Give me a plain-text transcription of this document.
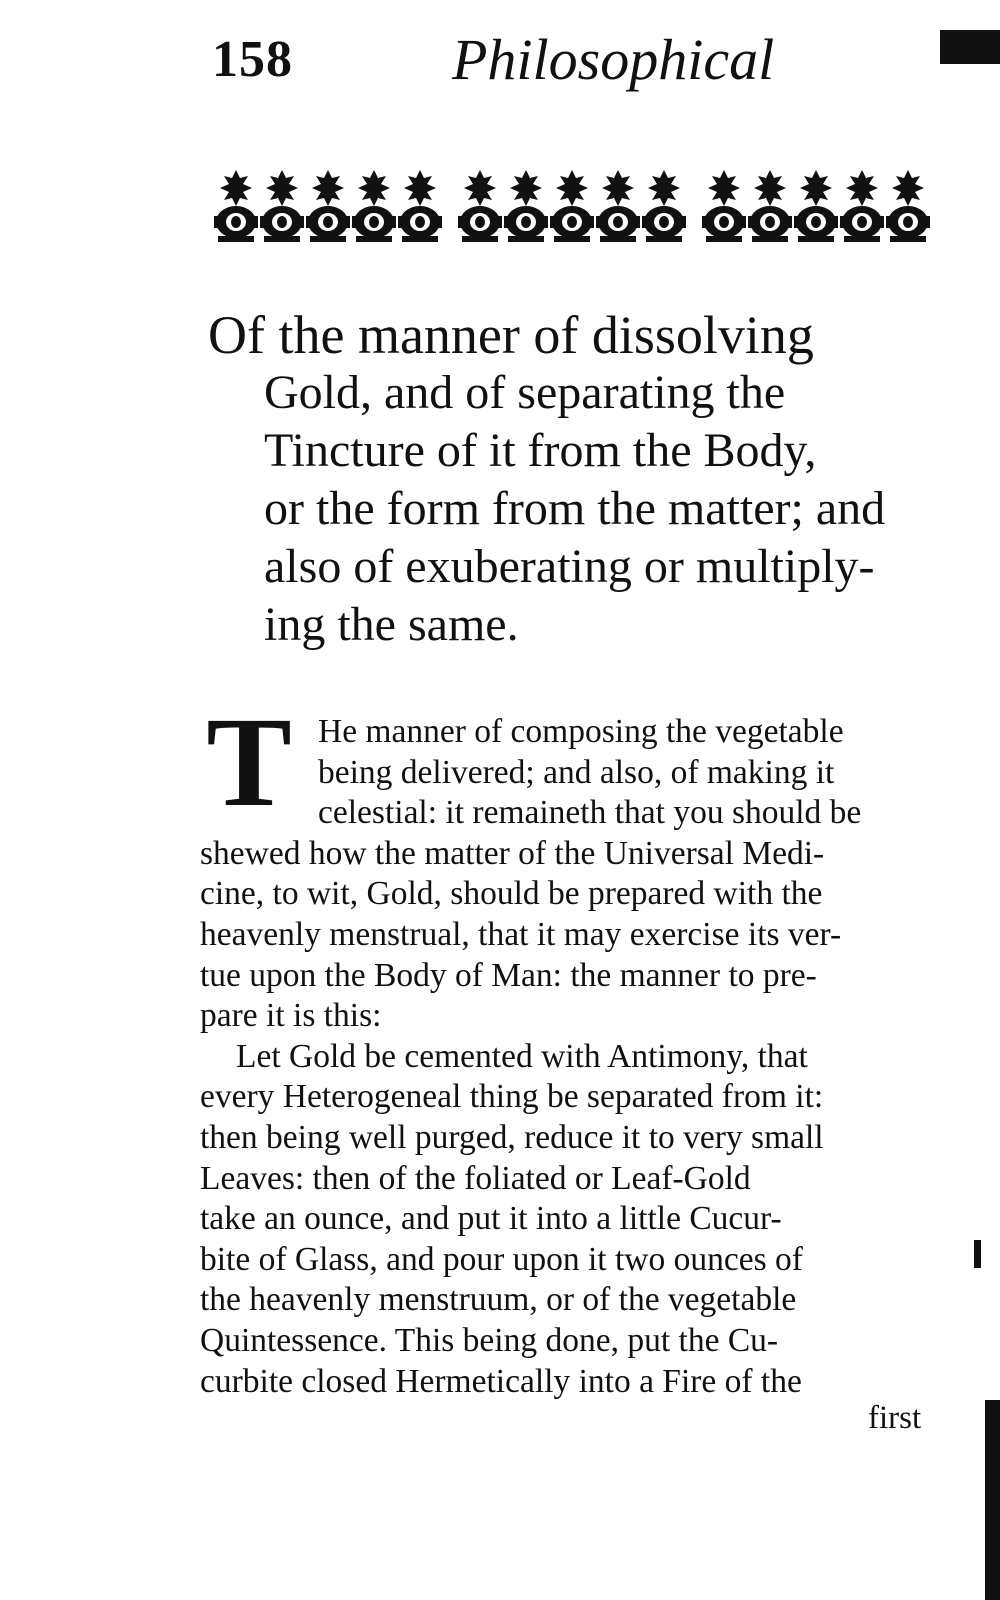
158	Philosophical
Of the manner of dissolving
Gold, and of separating the
Tincture of it from the Body,
or the form from the matter; and
also of exuberating or multiply-
ing the same.
T He manner of composing the vegetable
being delivered; and also, of making it
celestial: it remaineth that you should be
shewed how the matter of the Universal Medi-
cine, to wit, Gold, should be prepared with the
heavenly menstrual, that it may exercise its ver-
tue upon the Body of Man: the manner to pre-
pare it is this:
Let Gold be cemented with Antimony, that
every Heterogeneal thing be separated from it:
then being well purged, reduce it to very small
Leaves: then of the foliated or Leaf-Gold
take an ounce, and put it into a little Cucur-
bite of Glass, and pour upon it two ounces of
the heavenly menstruum, or of the vegetable
Quintessence. This being done, put the Cu-
curbite closed Hermetically into a Fire of the
first
